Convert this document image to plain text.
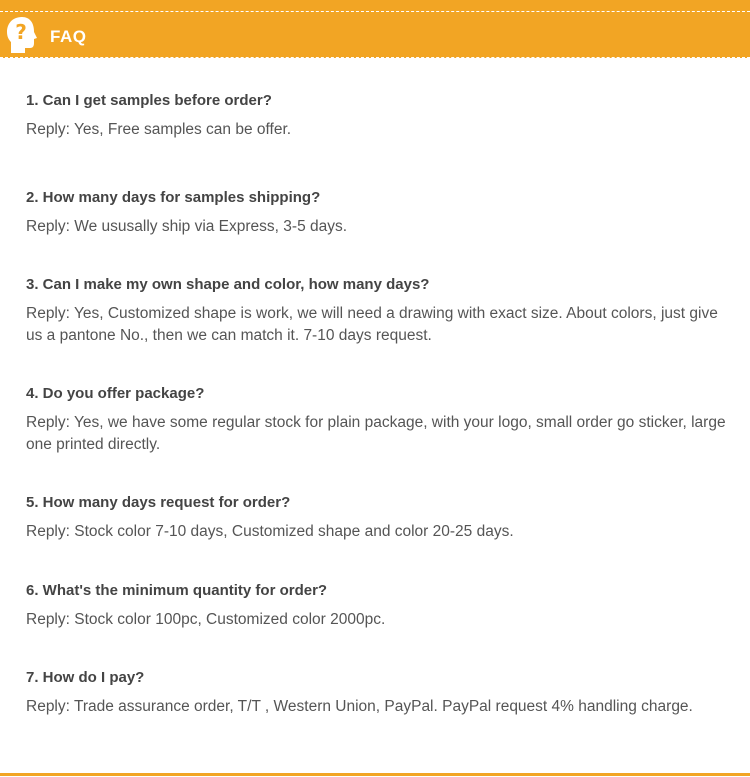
? FAQ

1. Can I get samples before order?

Reply: Yes, Free samples can be offer.

2. How many days for samples shipping?

Reply: We ususally ship via Express, 3-5 days.

3. Can I make my own shape and color, how many days?

Reply: Yes, Customized shape is work, we will need a drawing with exact size. About colors, just give us a pantone No., then we can match it. 7-10 days request.

4. Do you offer package?

Reply: Yes, we have some regular stock for plain package, with your logo, small order go sticker, large one printed directly.

5. How many days request for order?

Reply: Stock color 7-10 days, Customized shape and color 20-25 days.

6. What's the minimum quantity for order?

Reply: Stock color 100pc, Customized color 2000pc.

7. How do I pay?

Reply: Trade assurance order, T/T , Western Union, PayPal. PayPal request 4% handling charge.
